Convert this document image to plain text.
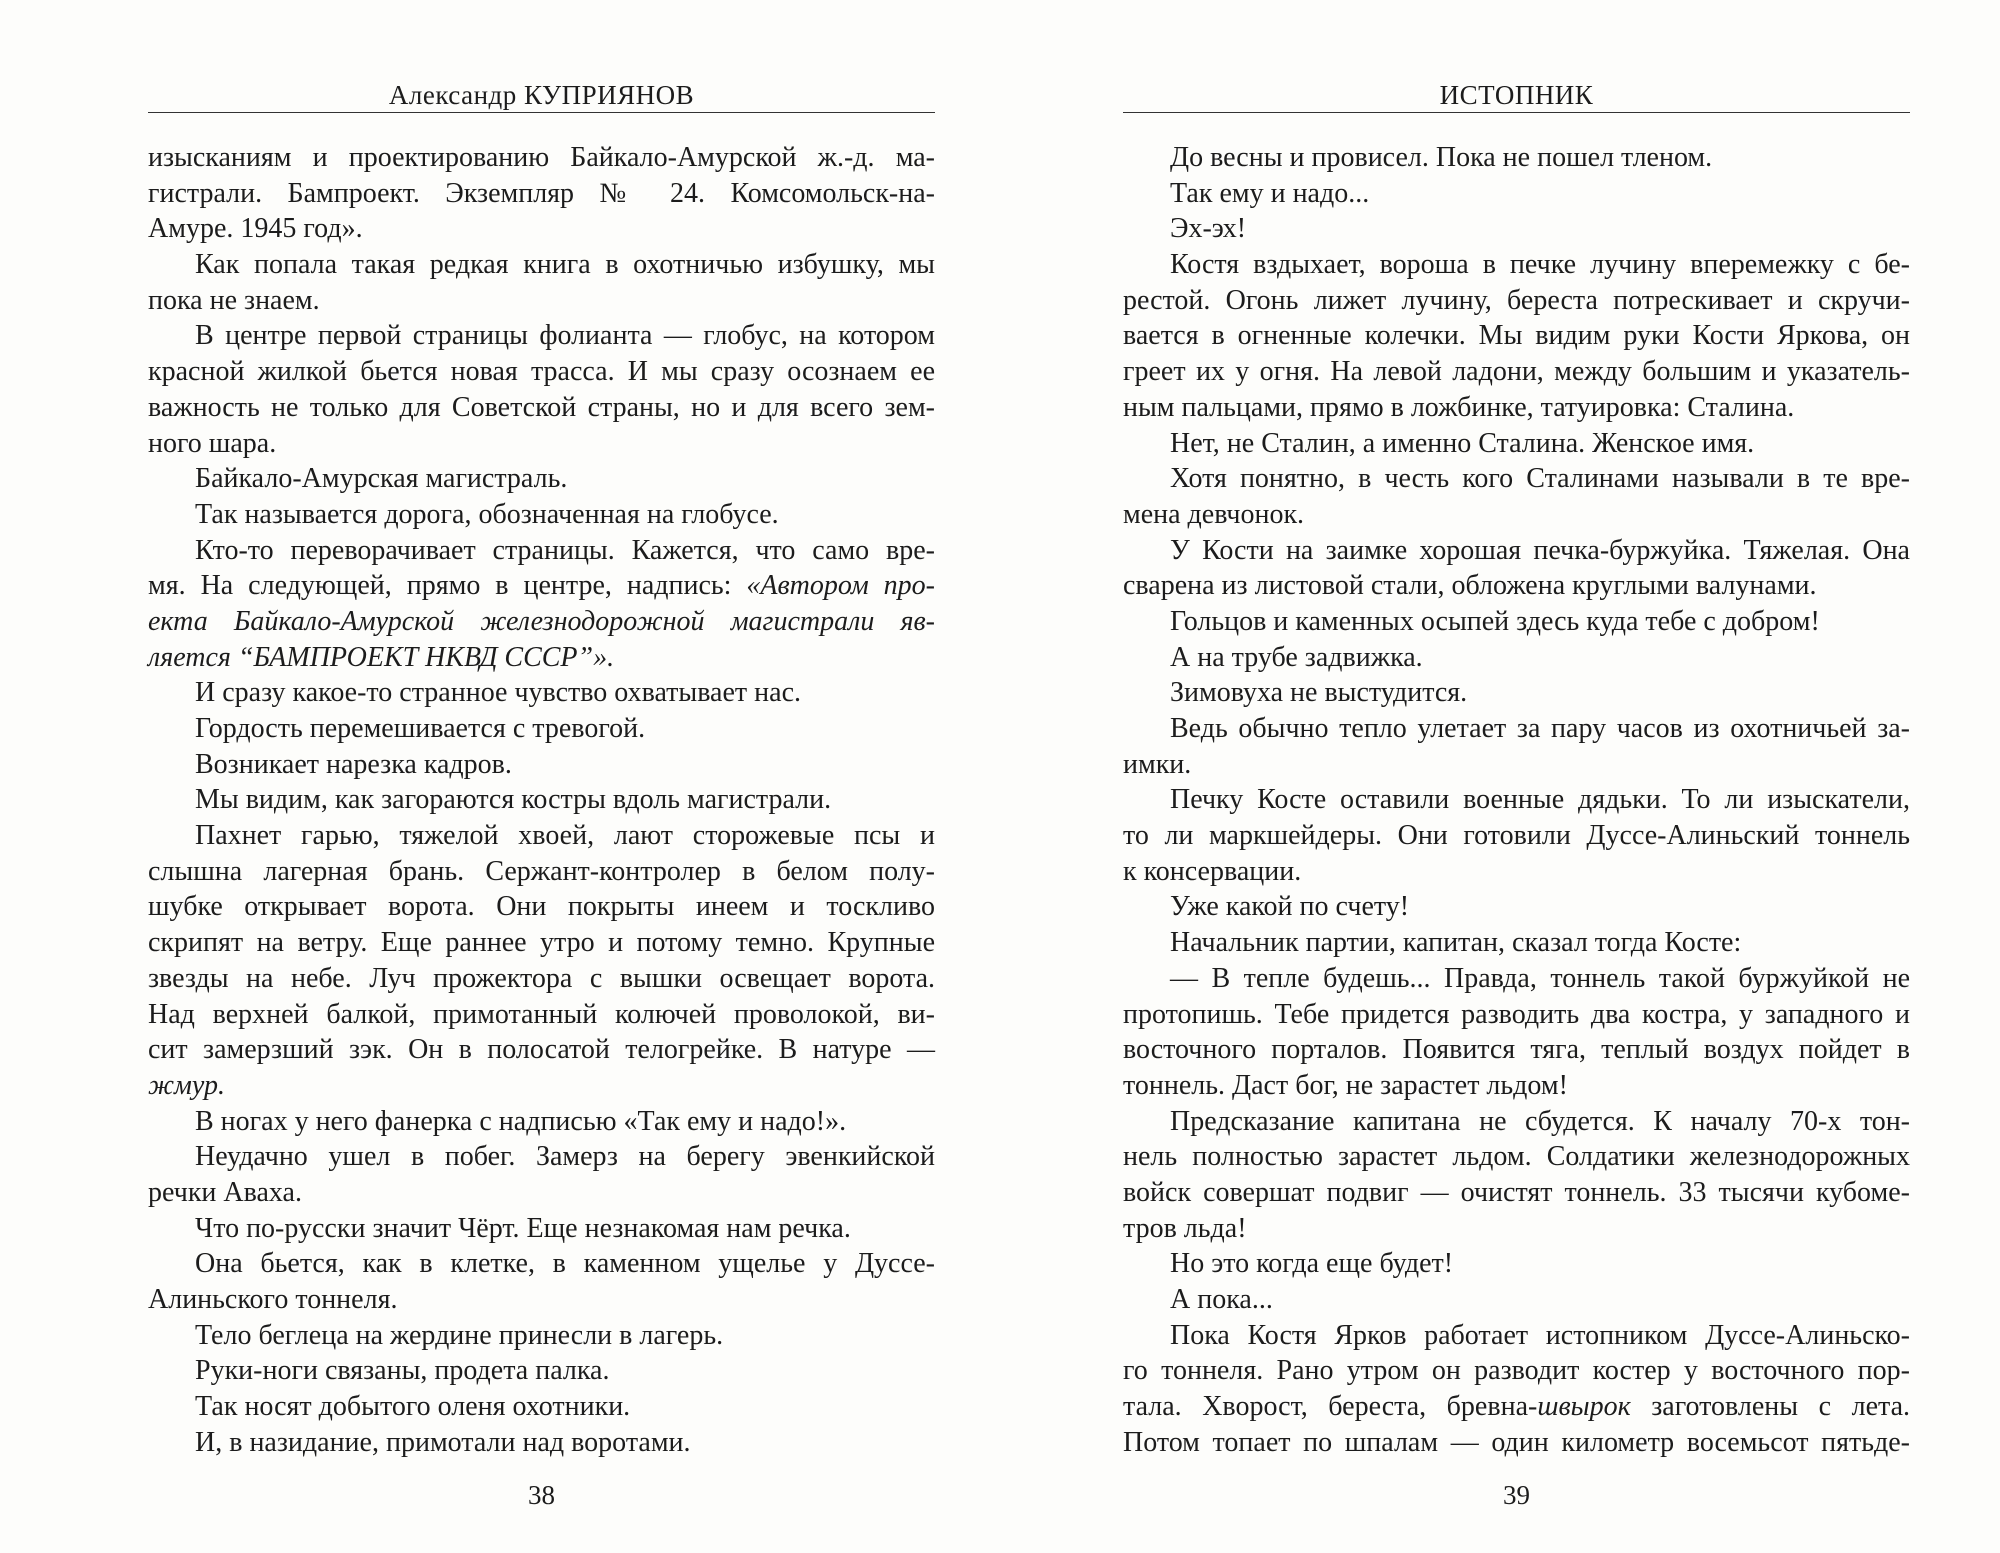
Александр КУПРИЯНОВ
изысканиям и проектированию Байкало-Амурской ж.-д. ма-
гистрали. Бампроект. Экземпляр № 24. Комсомольск-на-
Амуре. 1945 год».
Как попала такая редкая книга в охотничью избушку, мы
пока не знаем.
В центре первой страницы фолианта — глобус, на котором
красной жилкой бьется новая трасса. И мы сразу осознаем ее
важность не только для Советской страны, но и для всего зем-
ного шара.
Байкало-Амурская магистраль.
Так называется дорога, обозначенная на глобусе.
Кто-то переворачивает страницы. Кажется, что само вре-
мя. На следующей, прямо в центре, надпись: «Автором про-
екта Байкало-Амурской железнодорожной магистрали яв-
ляется “БАМПРОЕКТ НКВД СССР”».
И сразу какое-то странное чувство охватывает нас.
Гордость перемешивается с тревогой.
Возникает нарезка кадров.
Мы видим, как загораются костры вдоль магистрали.
Пахнет гарью, тяжелой хвоей, лают сторожевые псы и
слышна лагерная брань. Сержант-контролер в белом полу-
шубке открывает ворота. Они покрыты инеем и тоскливо
скрипят на ветру. Еще раннее утро и потому темно. Крупные
звезды на небе. Луч прожектора с вышки освещает ворота.
Над верхней балкой, примотанный колючей проволокой, ви-
сит замерзший зэк. Он в полосатой телогрейке. В натуре —
жмур.
В ногах у него фанерка с надписью «Так ему и надо!».
Неудачно ушел в побег. Замерз на берегу эвенкийской
речки Аваха.
Что по-русски значит Чёрт. Еще незнакомая нам речка.
Она бьется, как в клетке, в каменном ущелье у Дуссе-
Алиньского тоннеля.
Тело беглеца на жердине принесли в лагерь.
Руки-ноги связаны, продета палка.
Так носят добытого оленя охотники.
И, в назидание, примотали над воротами.
38
ИСТОПНИК
До весны и провисел. Пока не пошел тленом.
Так ему и надо...
Эх-эх!
Костя вздыхает, вороша в печке лучину вперемежку с бе-
рестой. Огонь лижет лучину, береста потрескивает и скручи-
вается в огненные колечки. Мы видим руки Кости Яркова, он
греет их у огня. На левой ладони, между большим и указатель-
ным пальцами, прямо в ложбинке, татуировка: Сталина.
Нет, не Сталин, а именно Сталина. Женское имя.
Хотя понятно, в честь кого Сталинами называли в те вре-
мена девчонок.
У Кости на заимке хорошая печка-буржуйка. Тяжелая. Она
сварена из листовой стали, обложена круглыми валунами.
Гольцов и каменных осыпей здесь куда тебе с добром!
А на трубе задвижка.
Зимовуха не выстудится.
Ведь обычно тепло улетает за пару часов из охотничьей за-
имки.
Печку Косте оставили военные дядьки. То ли изыскатели,
то ли маркшейдеры. Они готовили Дуссе-Алиньский тоннель
к консервации.
Уже какой по счету!
Начальник партии, капитан, сказал тогда Косте:
— В тепле будешь... Правда, тоннель такой буржуйкой не
протопишь. Тебе придется разводить два костра, у западного и
восточного порталов. Появится тяга, теплый воздух пойдет в
тоннель. Даст бог, не зарастет льдом!
Предсказание капитана не сбудется. К началу 70-х тон-
нель полностью зарастет льдом. Солдатики железнодорожных
войск совершат подвиг — очистят тоннель. 33 тысячи кубоме-
тров льда!
Но это когда еще будет!
А пока...
Пока Костя Ярков работает истопником Дуссе-Алиньско-
го тоннеля. Рано утром он разводит костер у восточного пор-
тала. Хворост, береста, бревна-швырок заготовлены с лета.
Потом топает по шпалам — один километр восемьсот пятьде-
39
